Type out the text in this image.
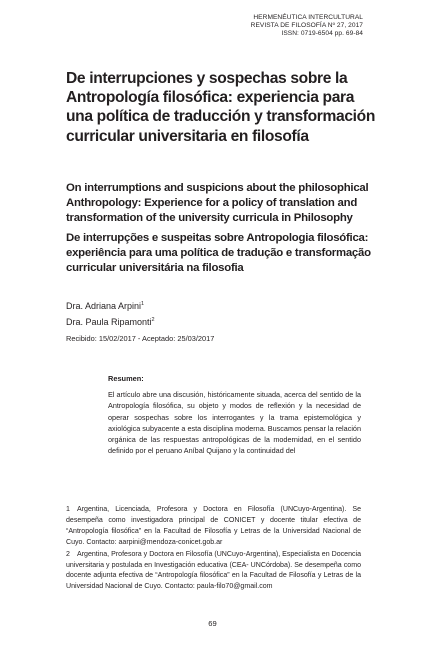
HERMENÉUTICA INTERCULTURAL
REVISTA DE FILOSOFÍA Nº 27, 2017
ISSN: 0719-6504 pp. 69-84
De interrupciones y sospechas sobre la
Antropología filosófica: experiencia para
una política de traducción y transformación
curricular universitaria en filosofía
On interrumptions and suspicions about the philosophical
Anthropology: Experience for a policy of translation and
transformation of the university curricula in Philosophy
De interrupções e suspeitas sobre Antropologia filosófica:
experiência para uma política de tradução e transformação
curricular universitária na filosofia
Dra. Adriana Arpini$^1$
Dra. Paula Ripamonti$^2$
Recibido: 15/02/2017 - Aceptado: 25/03/2017
Resumen:

El artículo abre una discusión, históricamente situada, acerca del sentido de la Antropología filosófica, su objeto y modos de reflexión y la necesidad de operar sospechas sobre los interrogantes y la trama epistemológica y axiológica subyacente a esta disciplina moderna. Buscamos pensar la relación orgánica de las respuestas antropológicas de la modernidad, en el sentido definido por el peruano Aníbal Quijano y la continuidad del

1 Argentina, Licenciada, Profesora y Doctora en Filosofía (UNCuyo-Argentina). Se desempeña como investigadora principal de CONICET y docente titular efectiva de “Antropología filosófica” en la Facultad de Filosofía y Letras de la Universidad Nacional de Cuyo. Contacto: aarpini@mendoza-conicet.gob.ar

2 Argentina, Profesora y Doctora en Filosofía (UNCuyo-Argentina), Especialista en Docencia universitaria y postulada en Investigación educativa (CEA- UNCórdoba). Se desempeña como docente adjunta efectiva de “Antropología filosófica” en la Facultad de Filosofía y Letras de la Universidad Nacional de Cuyo. Contacto: paula-filo70@gmail.com

69
